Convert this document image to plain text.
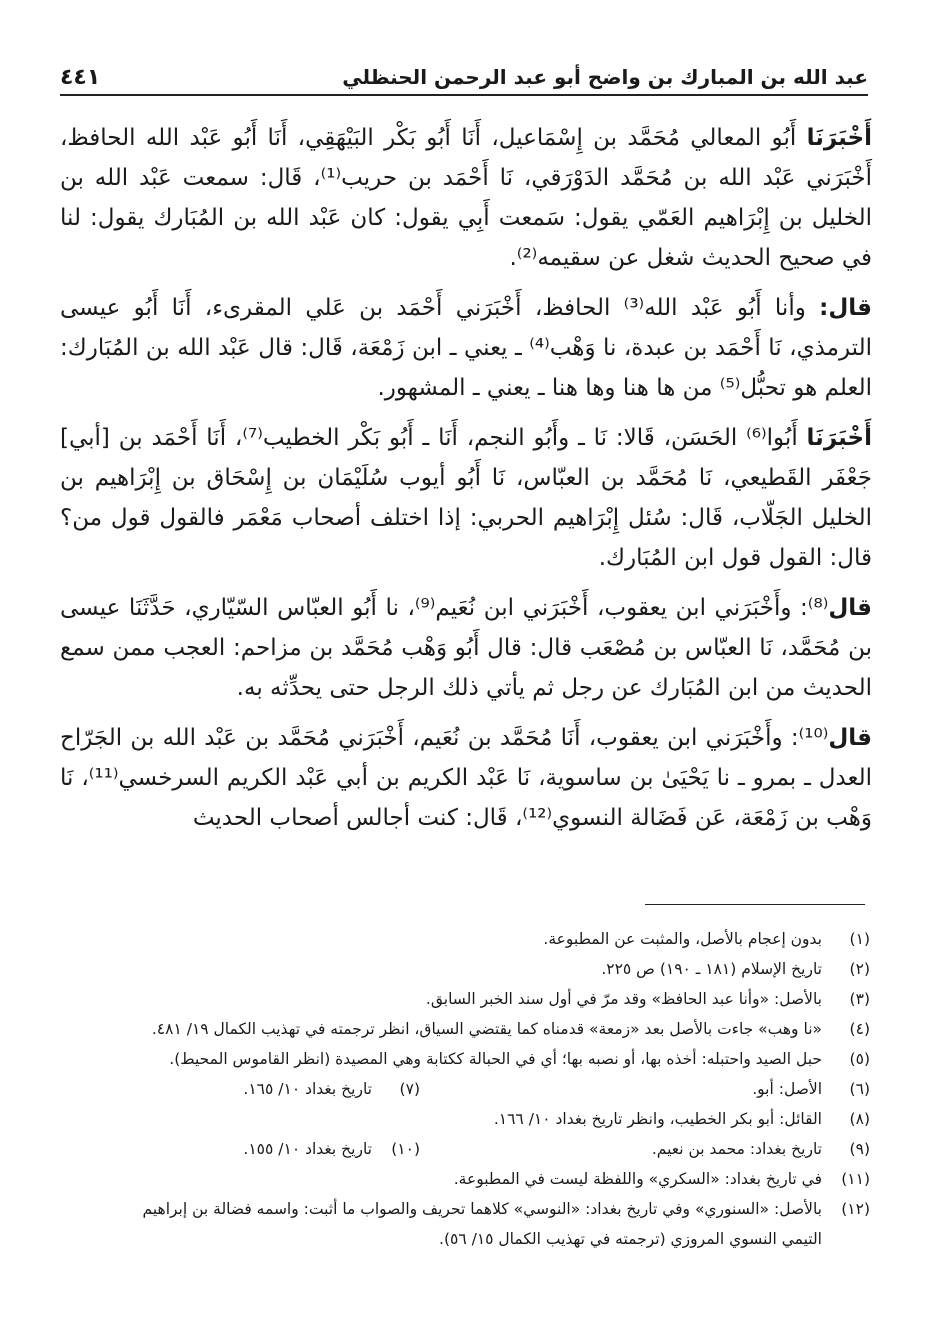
عبد الله بن المبارك بن واضح أبو عبد الرحمن الحنظلي
٤٤١

أَخْبَرَنَا أَبُو المعالي مُحَمَّد بن إِسْمَاعيل، أَنَا أَبُو بَكْر البَيْهَقِي، أَنَا أَبُو عَبْد الله الحافظ، أَخْبَرَني عَبْد الله بن مُحَمَّد الدَوْرَقي، نَا أَحْمَد بن حريب⁽¹⁾، قَال: سمعت عَبْد الله بن الخليل بن إِبْرَاهيم العَمّي يقول: سَمعت أَبِي يقول: كان عَبْد الله بن المُبَارك يقول: لنا في صحيح الحديث شغل عن سقيمه⁽²⁾.

قال: وأنا أَبُو عَبْد الله⁽³⁾ الحافظ، أَخْبَرَني أَحْمَد بن عَلي المقرىء، أَنَا أَبُو عيسى الترمذي، نَا أَحْمَد بن عبدة، نا وَهْب⁽⁴⁾ ـ يعني ـ ابن زَمْعَة، قَال: قال عَبْد الله بن المُبَارك: العلم هو تحبُّل⁽⁵⁾ من ها هنا وها هنا ـ يعني ـ المشهور.

أَخْبَرَنَا أَبُوا⁽⁶⁾ الحَسَن، قَالا: نَا ـ وأَبُو النجم، أَنَا ـ أَبُو بَكْر الخطيب⁽⁷⁾، أَنَا أَحْمَد بن [أبي] جَعْفَر القَطيعي، نَا مُحَمَّد بن العبّاس، نَا أَبُو أيوب سُلَيْمَان بن إِسْحَاق بن إِبْرَاهيم بن الخليل الجَلّاب، قَال: سُئل إِبْرَاهيم الحربي: إذا اختلف أصحاب مَعْمَر فالقول قول من؟ قال: القول قول ابن المُبَارك.

قال⁽⁸⁾: وأَخْبَرَني ابن يعقوب، أَخْبَرَني ابن نُعَيم⁽⁹⁾، نا أَبُو العبّاس السّيّاري، حَدَّثَنَا عيسى بن مُحَمَّد، نَا العبّاس بن مُصْعَب قال: قال أَبُو وَهْب مُحَمَّد بن مزاحم: العجب ممن سمع الحديث من ابن المُبَارك عن رجل ثم يأتي ذلك الرجل حتى يحدِّثه به.

قال⁽¹⁰⁾: وأَخْبَرَني ابن يعقوب، أَنَا مُحَمَّد بن نُعَيم، أَخْبَرَني مُحَمَّد بن عَبْد الله بن الجَرّاح العدل ـ بمرو ـ نا يَحْيَىٰ بن ساسوية، نَا عَبْد الكريم بن أبي عَبْد الكريم السرخسي⁽¹¹⁾، نَا وَهْب بن زَمْعَة، عَن فَضَالة النسوي⁽¹²⁾، قَال: كنت أجالس أصحاب الحديث

(١)
بدون إعجام بالأصل، والمثبت عن المطبوعة.
(٢)
تاريخ الإسلام (١٨١ ـ ١٩٠) ص ٢٢٥.
(٣)
بالأصل: «وأنا عبد الحافظ» وقد مرّ في أول سند الخبر السابق.
(٤)
«نا وهب» جاءت بالأصل بعد «زمعة» قدمناه كما يقتضي السياق، انظر ترجمته في تهذيب الكمال ١٩/ ٤٨١.
(٥)
حبل الصيد واحتبله: أخذه بها، أو نصبه بها؛ أي في الحبالة ككتابة وهي المصيدة (انظر القاموس المحيط).
(٦)
الأصل: أبو.
(٧)
تاريخ بغداد ١٠/ ١٦٥.
(٨)
القائل: أبو بكر الخطيب، وانظر تاريخ بغداد ١٠/ ١٦٦.
(٩)
تاريخ بغداد: محمد بن نعيم.
(١٠)
تاريخ بغداد ١٠/ ١٥٥.
(١١)
في تاريخ بغداد: «السكري» واللفظة ليست في المطبوعة.
(١٢)
بالأصل: «السنوري» وفي تاريخ بغداد: «النوسي» كلاهما تحريف والصواب ما أثبت: واسمه فضالة بن إبراهيم
التيمي النسوي المروزي (ترجمته في تهذيب الكمال ١٥/ ٥٦).
